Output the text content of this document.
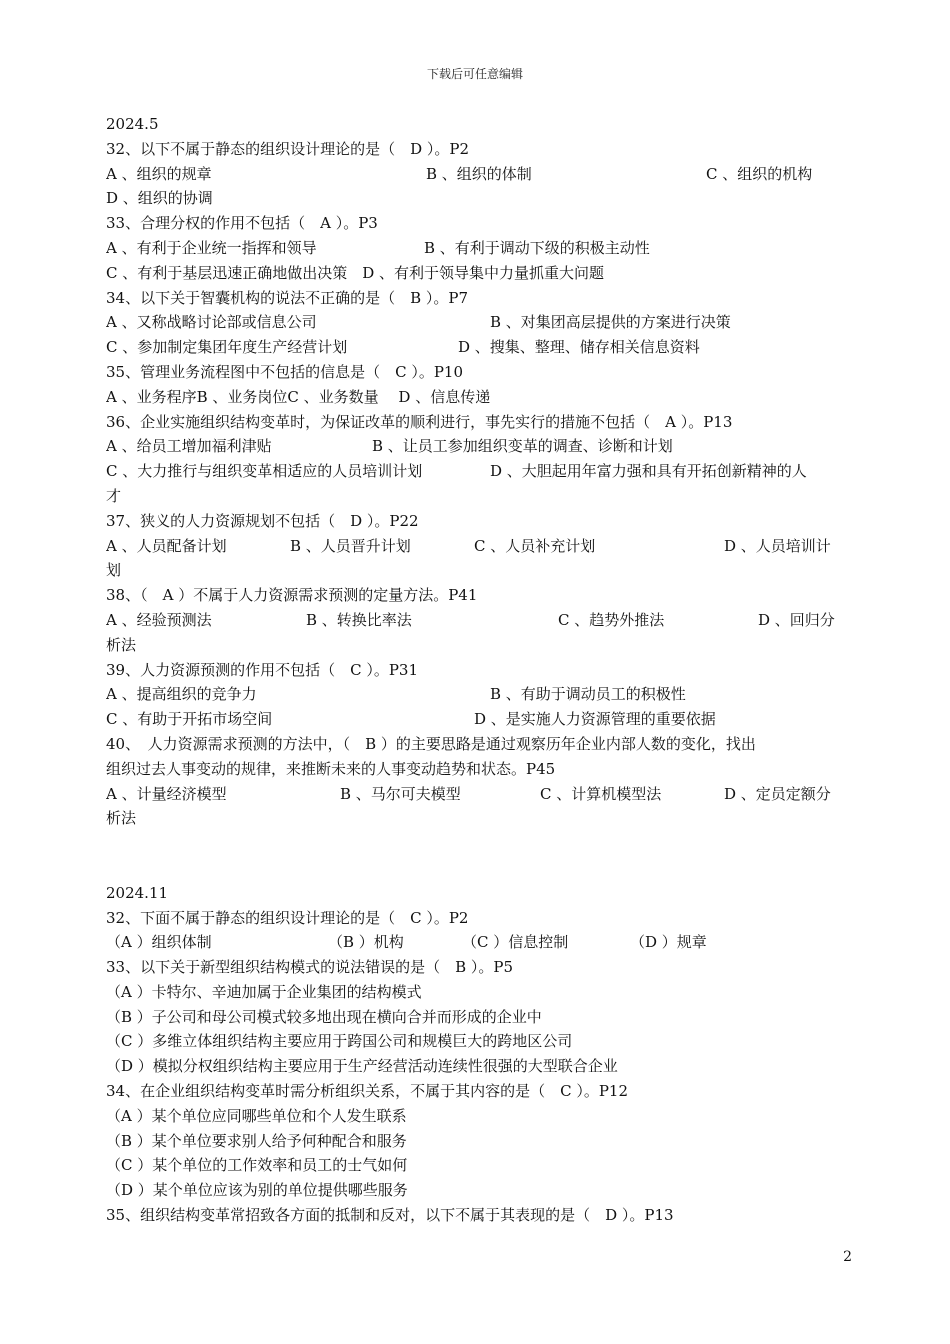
下载后可任意编辑
2024.5
32、以下不属于静态的组织设计理论的是（　D ）。P2
A 、组织的规章	B 、组织的体制	C 、组织的机构
D 、组织的协调
33、合理分权的作用不包括（　A ）。P3
A 、有利于企业统一指挥和领导	B 、有利于调动下级的积极主动性
C 、有利于基层迅速正确地做出决策　D 、有利于领导集中力量抓重大问题
34、以下关于智囊机构的说法不正确的是（　B ）。P7
A 、又称战略讨论部或信息公司	B 、对集团高层提供的方案进行决策
C 、参加制定集团年度生产经营计划	D 、搜集、整理、储存相关信息资料
35、管理业务流程图中不包括的信息是（　C ）。P10
A 、业务程序B 、业务岗位C 、业务数量　 D 、信息传递
36、企业实施组织结构变革时，为保证改革的顺利进行，事先实行的措施不包括（　A ）。P13
A 、给员工增加福利津贴	B 、让员工参加组织变革的调查、诊断和计划
C 、大力推行与组织变革相适应的人员培训计划	D 、大胆起用年富力强和具有开拓创新精神的人
才
37、狭义的人力资源规划不包括（　D ）。P22
A 、人员配备计划	B 、人员晋升计划	C 、人员补充计划	D 、人员培训计
划
38、（　A ）不属于人力资源需求预测的定量方法。P41
A 、经验预测法	B 、转换比率法	C 、趋势外推法	D 、回归分
析法
39、人力资源预测的作用不包括（　C ）。P31
A 、提高组织的竞争力	B 、有助于调动员工的积极性
C 、有助于开拓市场空间	D 、是实施人力资源管理的重要依据
40、　人力资源需求预测的方法中，（　B ）的主要思路是通过观察历年企业内部人数的变化，找出
组织过去人事变动的规律，来推断未来的人事变动趋势和状态。P45
A 、计量经济模型	B 、马尔可夫模型	C 、计算机模型法	D 、定员定额分
析法
2024.11
32、下面不属于静态的组织设计理论的是（　C ）。P2
（A ）组织体制	（B ）机构	（C ）信息控制	（D ）规章
33、以下关于新型组织结构模式的说法错误的是（　B ）。P5
（A ）卡特尔、辛迪加属于企业集团的结构模式
（B ）子公司和母公司模式较多地出现在横向合并而形成的企业中
（C ）多维立体组织结构主要应用于跨国公司和规模巨大的跨地区公司
（D ）模拟分权组织结构主要应用于生产经营活动连续性很强的大型联合企业
34、在企业组织结构变革时需分析组织关系，不属于其内容的是（　C ）。P12
（A ）某个单位应同哪些单位和个人发生联系
（B ）某个单位要求别人给予何种配合和服务
（C ）某个单位的工作效率和员工的士气如何
（D ）某个单位应该为别的单位提供哪些服务
35、组织结构变革常招致各方面的抵制和反对，以下不属于其表现的是（　D ）。P13
2
